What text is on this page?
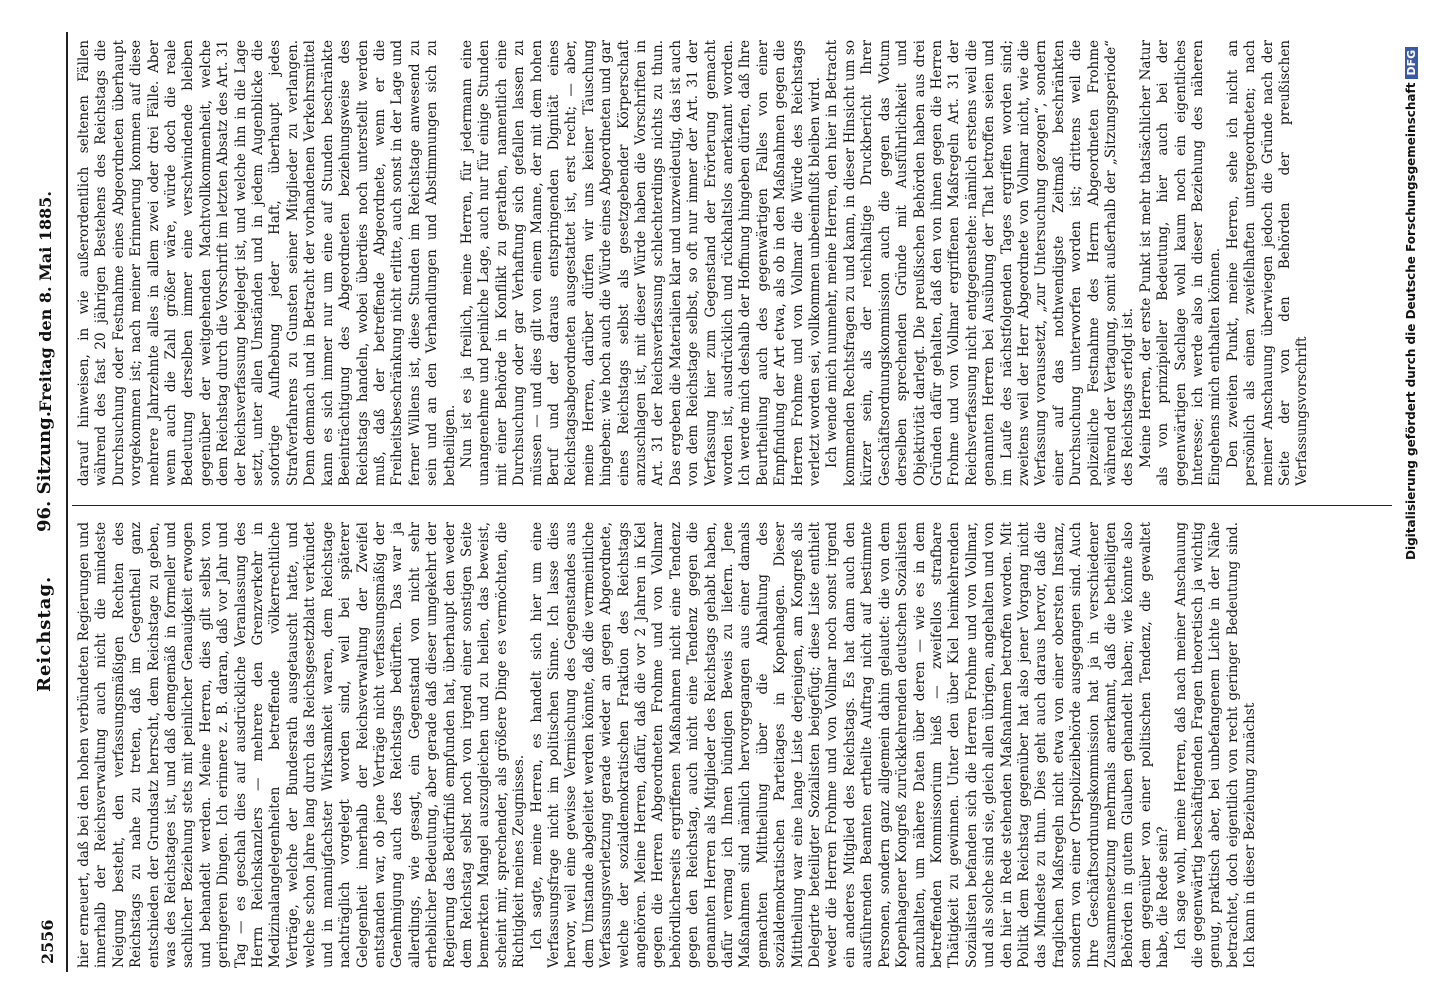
2556
Reichstag.
96. Sitzung.
Freitag den 8. Mai 1885.

hier erneuert, daß bei den hohen verbündeten Regierungen und innerhalb der Reichsverwaltung auch nicht die mindeste Neigung besteht, den verfassungsmäßigen Rechten des Reichstags zu nahe zu treten, daß im Gegentheil ganz entschieden der Grundsatz herrscht, dem Reichstage zu geben, was des Reichstages ist, und daß demgemäß in formeller und sachlicher Beziehung stets mit peinlicher Genauigkeit erwogen und behandelt werden. Meine Herren, dies gilt selbst von geringeren Dingen. Ich erinnere z. B. daran, daß vor Jahr und Tag — es geschah dies auf ausdrückliche Veranlassung des Herrn Reichskanzlers — mehrere den Grenzverkehr in Medizinalangelegenheiten betreffende völkerrechtliche Verträge, welche der Bundesrath ausgetauscht hatte, und welche schon Jahre lang durch das Reichsgesetzblatt verkündet und in mannigfachster Wirksamkeit waren, dem Reichstage nachträglich vorgelegt worden sind, weil bei späterer Gelegenheit innerhalb der Reichsverwaltung der Zweifel entstanden war, ob jene Verträge nicht verfassungsmäßig der Genehmigung auch des Reichstags bedürften. Das war ja allerdings, wie gesagt, ein Gegenstand von nicht sehr erheblicher Bedeutung, aber gerade daß dieser umgekehrt der Regierung das Bedürfniß empfunden hat, überhaupt den weder dem Reichstag selbst noch von irgend einer sonstigen Seite bemerkten Mangel auszugleichen und zu heilen, das beweist, scheint mir, sprechender, als größere Dinge es vermöchten, die Richtigkeit meines Zeugnisses. Ich sagte, meine Herren, es handelt sich hier um eine Verfassungsfrage nicht im politischen Sinne. Ich lasse dies hervor, weil eine gewisse Vermischung des Gegenstandes aus dem Umstande abgeleitet werden könnte, daß die vermeintliche Verfassungsverletzung gerade wieder an gegen Abgeordnete, welche der sozialdemokratischen Fraktion des Reichstags angehören. Meine Herren, dafür, daß die vor 2 Jahren in Kiel gegen die Herren Abgeordneten Frohme und von Vollmar behördlicherseits ergriffenen Maßnahmen nicht eine Tendenz gegen den Reichstag, auch nicht eine Tendenz gegen die genannten Herren als Mitglieder des Reichstags gehabt haben, dafür vermag ich Ihnen bündigen Beweis zu liefern. Jene Maßnahmen sind nämlich hervorgegangen aus einer damals gemachten Mittheilung über die Abhaltung des sozialdemokratischen Parteitages in Kopenhagen. Dieser Mittheilung war eine lange Liste derjenigen, am Kongreß als Delegirte beteiligter Sozialisten beigefügt; diese Liste enthielt weder die Herren Frohme und von Vollmar noch sonst irgend ein anderes Mitglied des Reichstags. Es hat dann auch den ausführenden Beamten ertheilte Auftrag nicht auf bestimmte Personen, sondern ganz allgemein dahin gelautet: die von dem Kopenhagener Kongreß zurückkehrenden deutschen Sozialisten anzuhalten, um nähere Daten über deren — wie es in dem betreffenden Kommissorium hieß — zweifellos strafbare Thätigkeit zu gewinnen. Unter den über Kiel heimkehrenden Sozialisten befanden sich die Herren Frohme und von Vollmar, und als solche sind sie, gleich allen übrigen, angehalten und von den hier in Rede stehenden Maßnahmen betroffen worden. Mit Politik dem Reichstag gegenüber hat also jener Vorgang nicht das Mindeste zu thun. Dies geht auch daraus hervor, daß die fraglichen Maßregeln nicht etwa von einer obersten Instanz, sondern von einer Ortspolizeibehörde ausgegangen sind. Auch Ihre Geschäftsordnungskommission hat ja in verschiedener Zusammensetzung mehrmals anerkannt, daß die betheiligten Behörden in gutem Glauben gehandelt haben; wie könnte also dem gegenüber von einer politischen Tendenz, die gewaltet habe, die Rede sein? Ich sage wohl, meine Herren, daß nach meiner Anschauung die gegenwärtig beschäftigenden Fragen theoretisch ja wichtig genug, praktisch aber, bei unbefangenem Lichte in der Nähe betrachtet, doch eigentlich von recht geringer Bedeutung sind. Ich kann in dieser Beziehung zunächst

darauf hinweisen, in wie außerordentlich seltenen Fällen während des fast 20 jährigen Bestehens des Reichstags die Durchsuchung oder Festnahme eines Abgeordneten überhaupt vorgekommen ist; nach meiner Erinnerung kommen auf diese mehrere Jahrzehnte alles in allem zwei oder drei Fälle. Aber wenn auch die Zahl größer wäre, würde doch die reale Bedeutung derselben immer eine verschwindende bleiben gegenüber der weitgehenden Machtvollkommenheit, welche dem Reichstag durch die Vorschrift im letzten Absatz des Art. 31 der Reichsverfassung beigelegt ist, und welche ihn in die Lage setzt, unter allen Umständen und in jedem Augenblicke die sofortige Aufhebung jeder Haft, überhaupt jedes Strafverfahrens zu Gunsten seiner Mitglieder zu verlangen. Denn demnach und in Betracht der vorhandenen Verkehrsmittel kann es sich immer nur um eine auf Stunden beschränkte Beeinträchtigung des Abgeordneten beziehungsweise des Reichstags handeln, wobei überdies noch unterstellt werden muß, daß der betreffende Abgeordnete, wenn er die Freiheitsbeschränkung nicht erlitte, auch sonst in der Lage und ferner Willens ist, diese Stunden im Reichstage anwesend zu sein und an den Verhandlungen und Abstimmungen sich zu betheiligen. Nun ist es ja freilich, meine Herren, für jedermann eine unangenehme und peinliche Lage, auch nur für einige Stunden mit einer Behörde in Konflikt zu gerathen, namentlich eine Durchsuchung oder gar Verhaftung sich gefallen lassen zu müssen — und dies gilt von einem Manne, der mit dem hohen Beruf und der daraus entspringenden Dignität eines Reichstagsabgeordneten ausgestattet ist, erst recht; — aber, meine Herren, darüber dürfen wir uns keiner Täuschung hingeben: wie hoch auch die Würde eines Abgeordneten und gar eines Reichstags selbst als gesetzgebender Körperschaft anzuschlagen ist, mit dieser Würde haben die Vorschriften in Art. 31 der Reichsverfassung schlechterdings nichts zu thun. Das ergeben die Materialien klar und unzweideutig, das ist auch von dem Reichstage selbst, so oft nur immer der Art. 31 der Verfassung hier zum Gegenstand der Erörterung gemacht worden ist, ausdrücklich und rückhaltslos anerkannt worden. Ich werde mich deshalb der Hoffnung hingeben dürfen, daß Ihre Beurtheilung auch des gegenwärtigen Falles von einer Empfindung der Art etwa, als ob in den Maßnahmen gegen die Herren Frohme und von Vollmar die Würde des Reichstags verletzt worden sei, vollkommen unbeeinflußt bleiben wird. Ich wende mich nunmehr, meine Herren, den hier in Betracht kommenden Rechtsfragen zu und kann, in dieser Hinsicht um so kürzer sein, als der reichhaltige Druckbericht Ihrer Geschäftsordnungskommission auch die gegen das Votum derselben sprechenden Gründe mit Ausführlichkeit und Objektivität darlegt. Die preußischen Behörden haben aus drei Gründen dafür gehalten, daß den von ihnen gegen die Herren Frohme und von Vollmar ergriffenen Maßregeln Art. 31 der Reichsverfassung nicht entgegenstehe: nämlich erstens weil die genannten Herren bei Ausübung der That betroffen seien und im Laufe des nächstfolgenden Tages ergriffen worden sind; zweitens weil der Herr Abgeordnete von Vollmar nicht, wie die Verfassung voraussetzt, „zur Untersuchung gezogen“, sondern einer auf das nothwendigste Zeitmaß beschränkten Durchsuchung unterworfen worden ist; drittens weil die polizeiliche Festnahme des Herrn Abgeordneten Frohme während der Vertagung, somit außerhalb der „Sitzungsperiode“ des Reichstags erfolgt ist. Meine Herren, der erste Punkt ist mehr thatsächlicher Natur als von prinzipieller Bedeutung, hier auch bei der gegenwärtigen Sachlage wohl kaum noch ein eigentliches Interesse; ich werde also in dieser Beziehung des näheren Eingehens mich enthalten können. Den zweiten Punkt, meine Herren, sehe ich nicht an persönlich als einen zweifelhaften untergeordneten; nach meiner Anschauung überwiegen jedoch die Gründe nach der Seite der von den Behörden der preußischen Verfassungsvorschrift	Digitalisierung gefördert durch die Deutsche ForschungsgemeinschaftDFG
